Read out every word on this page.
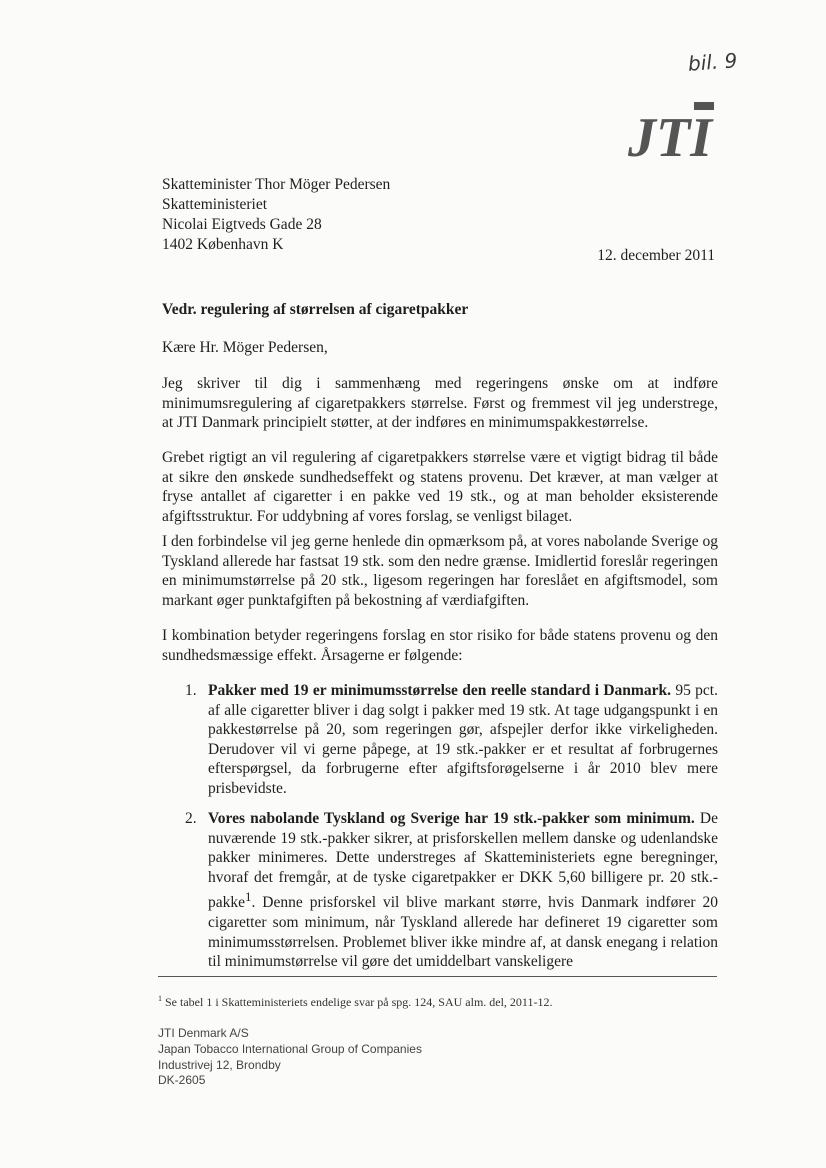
bil. 9
JTI
Skatteminister Thor Möger Pedersen
Skatteministeriet
Nicolai Eigtveds Gade 28
1402 København K
12. december 2011
Vedr. regulering af størrelsen af cigaretpakker
Kære Hr. Möger Pedersen,

Jeg skriver til dig i sammenhæng med regeringens ønske om at indføre minimumsregulering af cigaretpakkers størrelse. Først og fremmest vil jeg understrege, at JTI Danmark principielt støtter, at der indføres en minimumspakkestørrelse.

Grebet rigtigt an vil regulering af cigaretpakkers størrelse være et vigtigt bidrag til både at sikre den ønskede sundhedseffekt og statens provenu. Det kræver, at man vælger at fryse antallet af cigaretter i en pakke ved 19 stk., og at man beholder eksisterende afgiftsstruktur. For uddybning af vores forslag, se venligst bilaget.

I den forbindelse vil jeg gerne henlede din opmærksom på, at vores nabolande Sverige og Tyskland allerede har fastsat 19 stk. som den nedre grænse. Imidlertid foreslår regeringen en minimumstørrelse på 20 stk., ligesom regeringen har foreslået en afgiftsmodel, som markant øger punktafgiften på bekostning af værdiafgiften.

I kombination betyder regeringens forslag en stor risiko for både statens provenu og den sundhedsmæssige effekt. Årsagerne er følgende:

1. Pakker med 19 er minimumsstørrelse den reelle standard i Danmark. 95 pct. af alle cigaretter bliver i dag solgt i pakker med 19 stk. At tage udgangspunkt i en pakkestørrelse på 20, som regeringen gør, afspejler derfor ikke virkeligheden. Derudover vil vi gerne påpege, at 19 stk.-pakker er et resultat af forbrugernes efterspørgsel, da forbrugerne efter afgiftsforøgelserne i år 2010 blev mere prisbevidste.
2. Vores nabolande Tyskland og Sverige har 19 stk.-pakker som minimum. De nuværende 19 stk.-pakker sikrer, at prisforskellen mellem danske og udenlandske pakker minimeres. Dette understreges af Skatteministeriets egne beregninger, hvoraf det fremgår, at de tyske cigaretpakker er DKK 5,60 billigere pr. 20 stk.-pakke$^1$. Denne prisforskel vil blive markant større, hvis Danmark indfører 20 cigaretter som minimum, når Tyskland allerede har defineret 19 cigaretter som minimumsstørrelsen. Problemet bliver ikke mindre af, at dansk enegang i relation til minimumstørrelse vil gøre det umiddelbart vanskeligere
$^1$ Se tabel 1 i Skatteministeriets endelige svar på spg. 124, SAU alm. del, 2011-12.
JTI Denmark A/S
Japan Tobacco International Group of Companies
Industrivej 12, Brondby
DK-2605
